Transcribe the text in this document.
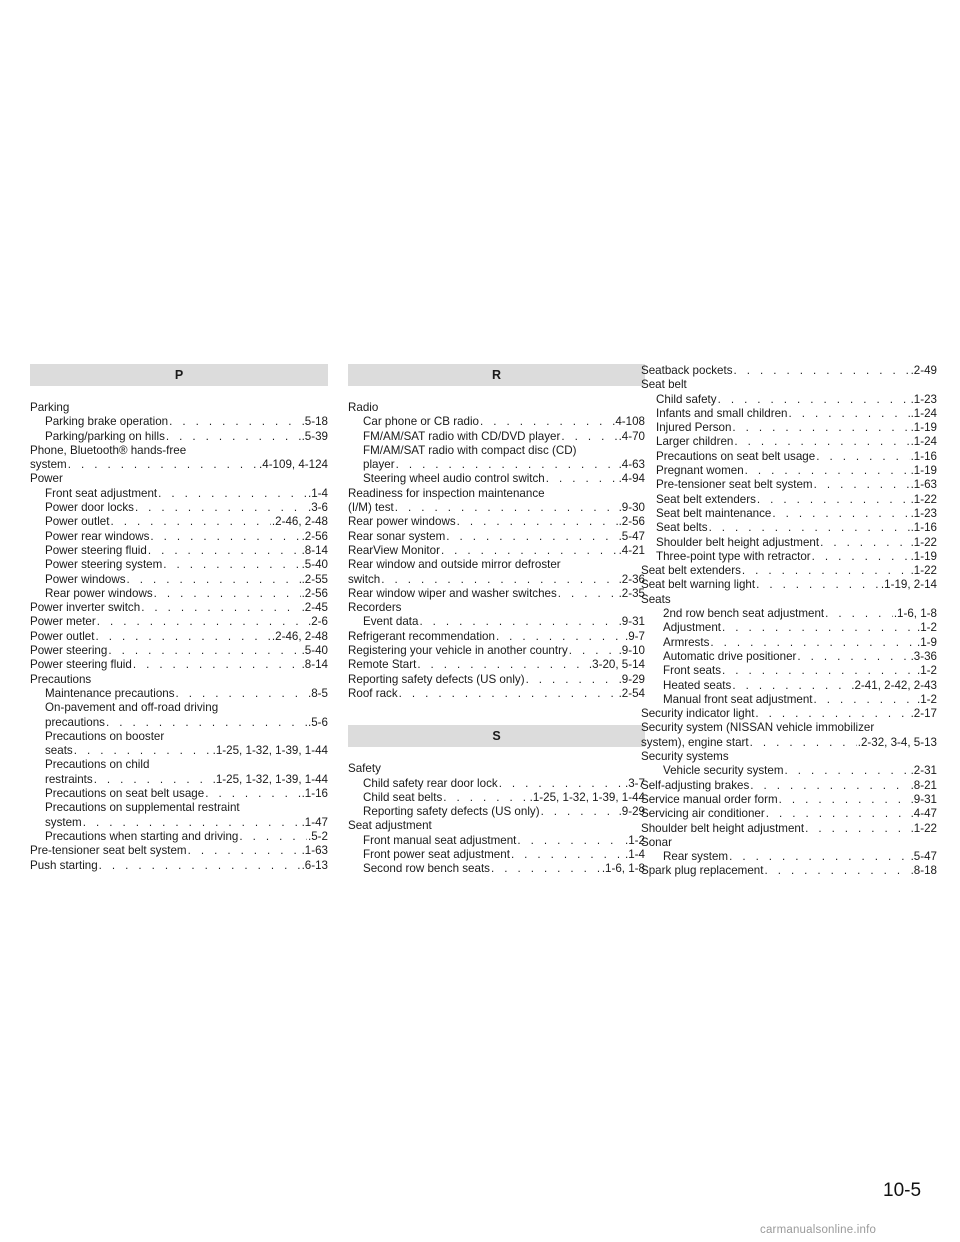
P
Parking
Parking brake operation . . .	.5-18
Parking/parking on hills . . .	.5-39
Phone, Bluetooth® hands-free
system . . .	.4-109, 4-124
Power
Front seat adjustment . . .	.1-4
Power door locks . . .	.3-6
Power outlet . . .	.2-46, 2-48
Power rear windows . . .	.2-56
Power steering fluid . . .	.8-14
Power steering system . . .	.5-40
Power windows . . .	.2-55
Rear power windows . . .	.2-56
Power inverter switch . . .	.2-45
Power meter . . .	.2-6
Power outlet . . .	.2-46, 2-48
Power steering . . .	.5-40
Power steering fluid . . .	.8-14
Precautions
Maintenance precautions . . .	.8-5
On-pavement and off-road driving
precautions . . .	.5-6
Precautions on booster
seats . . .	.1-25, 1-32, 1-39, 1-44
Precautions on child
restraints . . .	.1-25, 1-32, 1-39, 1-44
Precautions on seat belt usage . . .	.1-16
Precautions on supplemental restraint
system . . .	.1-47
Precautions when starting and driving . . .	.5-2
Pre-tensioner seat belt system . . .	.1-63
Push starting . . .	.6-13
R
Radio
Car phone or CB radio . . .	.4-108
FM/AM/SAT radio with CD/DVD player . . .	.4-70
FM/AM/SAT radio with compact disc (CD)
player . . .	.4-63
Steering wheel audio control switch . . .	.4-94
Readiness for inspection maintenance
(I/M) test . . .	.9-30
Rear power windows . . .	.2-56
Rear sonar system . . .	.5-47
RearView Monitor . . .	.4-21
Rear window and outside mirror defroster
switch . . .	.2-36
Rear window wiper and washer switches . . .	.2-35
Recorders
Event data . . .	.9-31
Refrigerant recommendation . . .	.9-7
Registering your vehicle in another country . . .	.9-10
Remote Start . . .	.3-20, 5-14
Reporting safety defects (US only) . . .	.9-29
Roof rack . . .	.2-54
S
Safety
Child safety rear door lock . . .	.3-7
Child seat belts . . .	.1-25, 1-32, 1-39, 1-44
Reporting safety defects (US only) . . .	.9-29
Seat adjustment
Front manual seat adjustment . . .	.1-2
Front power seat adjustment . . .	.1-4
Second row bench seats . . .	.1-6, 1-8
Seatback pockets . . .	.2-49
Seat belt
Child safety . . .	.1-23
Infants and small children . . .	.1-24
Injured Person . . .	.1-19
Larger children . . .	.1-24
Precautions on seat belt usage . . .	.1-16
Pregnant women . . .	.1-19
Pre-tensioner seat belt system . . .	.1-63
Seat belt extenders . . .	.1-22
Seat belt maintenance . . .	.1-23
Seat belts . . .	.1-16
Shoulder belt height adjustment . . .	.1-22
Three-point type with retractor . . .	.1-19
Seat belt extenders . . .	.1-22
Seat belt warning light . . .	.1-19, 2-14
Seats
2nd row bench seat adjustment . . .	.1-6, 1-8
Adjustment . . .	.1-2
Armrests . . .	.1-9
Automatic drive positioner . . .	.3-36
Front seats . . .	.1-2
Heated seats . . .	.2-41, 2-42, 2-43
Manual front seat adjustment . . .	.1-2
Security indicator light . . .	.2-17
Security system (NISSAN vehicle immobilizer
system), engine start . . .	.2-32, 3-4, 5-13
Security systems
Vehicle security system . . .	.2-31
Self-adjusting brakes . . .	.8-21
Service manual order form . . .	.9-31
Servicing air conditioner . . .	.4-47
Shoulder belt height adjustment . . .	.1-22
Sonar
Rear system . . .	.5-47
Spark plug replacement . . .	.8-18
10-5
carmanualsonline.info
